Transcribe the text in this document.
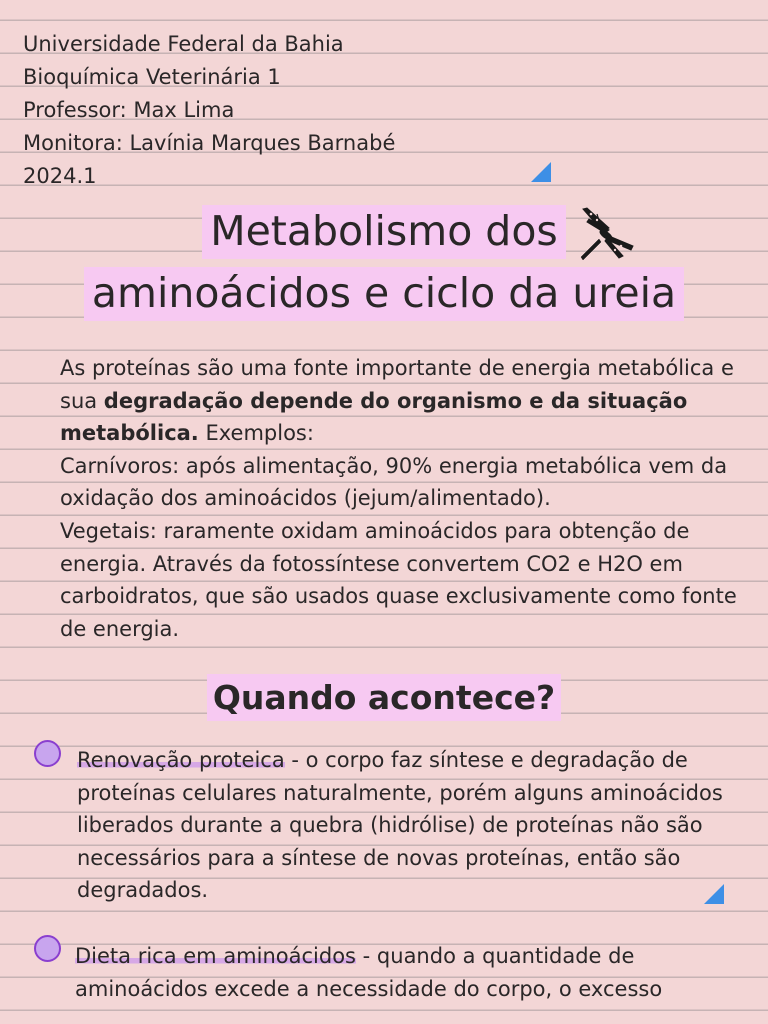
Universidade Federal da Bahia
Bioquímica Veterinária 1
Professor: Max Lima
Monitora: Lavínia Marques Barnabé
2024.1
Metabolismo dos
aminoácidos e ciclo da ureia

As proteínas são uma fonte importante de energia metabólica e sua degradação depende do organismo e da situação metabólica. Exemplos:

Carnívoros: após alimentação, 90% energia metabólica vem da oxidação dos aminoácidos (jejum/alimentado).

Vegetais: raramente oxidam aminoácidos para obtenção de energia. Através da fotossíntese convertem CO2 e H2O em carboidratos, que são usados quase exclusivamente como fonte de energia.

Quando acontece?
Renovação proteica - o corpo faz síntese e degradação de proteínas celulares naturalmente, porém alguns aminoácidos liberados durante a quebra (hidrólise) de proteínas não são necessários para a síntese de novas proteínas, então são degradados.
Dieta rica em aminoácidos - quando a quantidade de aminoácidos excede a necessidade do corpo, o excesso
